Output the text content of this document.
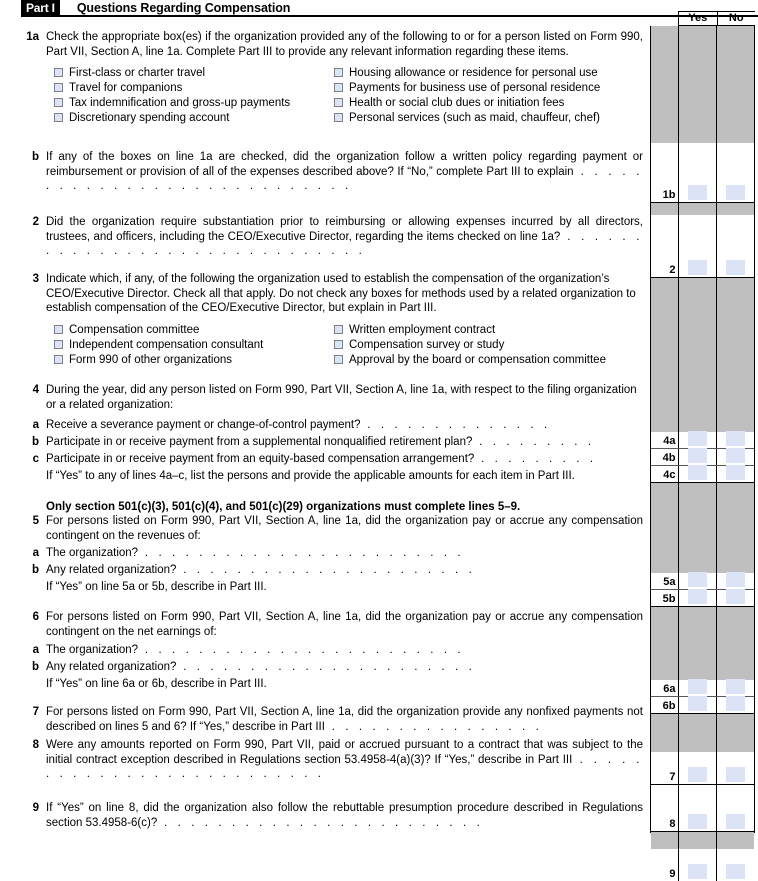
Part I	Questions Regarding Compensation
Yes	No
1b
2
4a
4b
4c
5a
5b
6a
6b
7
8
9
1a Check the appropriate box(es) if the organization provided any of the following to or for a person listed on Form 990, Part VII, Section A, line 1a. Complete Part III to provide any relevant information regarding these items.
First-class or charter travel
Travel for companions
Tax indemnification and gross-up payments
Discretionary spending account
Housing allowance or residence for personal use
Payments for business use of personal residence
Health or social club dues or initiation fees
Personal services (such as maid, chauffeur, chef)
b If any of the boxes on line 1a are checked, did the organization follow a written policy regarding payment or reimbursement or provision of all of the expenses described above? If “No,” complete Part III to explain . . . . . . . . . . . . . . . . . . . . . . . . . . . .
2 Did the organization require substantiation prior to reimbursing or allowing expenses incurred by all directors, trustees, and officers, including the CEO/Executive Director, regarding the items checked on line 1a? . . . . . . . . . . . . . . . . . . . . . . . . . . . . . .
3 Indicate which, if any, of the following the organization used to establish the compensation of the organization’s CEO/Executive Director. Check all that apply. Do not check any boxes for methods used by a related organization to establish compensation of the CEO/Executive Director, but explain in Part III.
Compensation committee
Independent compensation consultant
Form 990 of other organizations
Written employment contract
Compensation survey or study
Approval by the board or compensation committee
4 During the year, did any person listed on Form 990, Part VII, Section A, line 1a, with respect to the filing organization or a related organization:
a Receive a severance payment or change-of-control payment? . . . . . . . . . . . . . .
b Participate in or receive payment from a supplemental nonqualified retirement plan? . . . . . . . . .
c Participate in or receive payment from an equity-based compensation arrangement? . . . . . . . . .
If “Yes” to any of lines 4a–c, list the persons and provide the applicable amounts for each item in Part III.
Only section 501(c)(3), 501(c)(4), and 501(c)(29) organizations must complete lines 5–9.
5 For persons listed on Form 990, Part VII, Section A, line 1a, did the organization pay or accrue any compensation contingent on the revenues of:
a The organization? . . . . . . . . . . . . . . . . . . . . . . . .
b Any related organization? . . . . . . . . . . . . . . . . . . . . . .
If “Yes” on line 5a or 5b, describe in Part III.
6 For persons listed on Form 990, Part VII, Section A, line 1a, did the organization pay or accrue any compensation contingent on the net earnings of:
a The organization? . . . . . . . . . . . . . . . . . . . . . . . .
b Any related organization? . . . . . . . . . . . . . . . . . . . . . .
If “Yes” on line 6a or 6b, describe in Part III.
7 For persons listed on Form 990, Part VII, Section A, line 1a, did the organization provide any nonfixed payments not described on lines 5 and 6? If “Yes,” describe in Part III . . . . . . . . . . . . . . . .
8 Were any amounts reported on Form 990, Part VII, paid or accrued pursuant to a contract that was subject to the initial contract exception described in Regulations section 53.4958-4(a)(3)? If “Yes,” describe in Part III . . . . . . . . . . . . . . . . . . . . . . . . . .
9 If “Yes” on line 8, did the organization also follow the rebuttable presumption procedure described in Regulations section 53.4958-6(c)? . . . . . . . . . . . . . . . . . . . . . . . .
